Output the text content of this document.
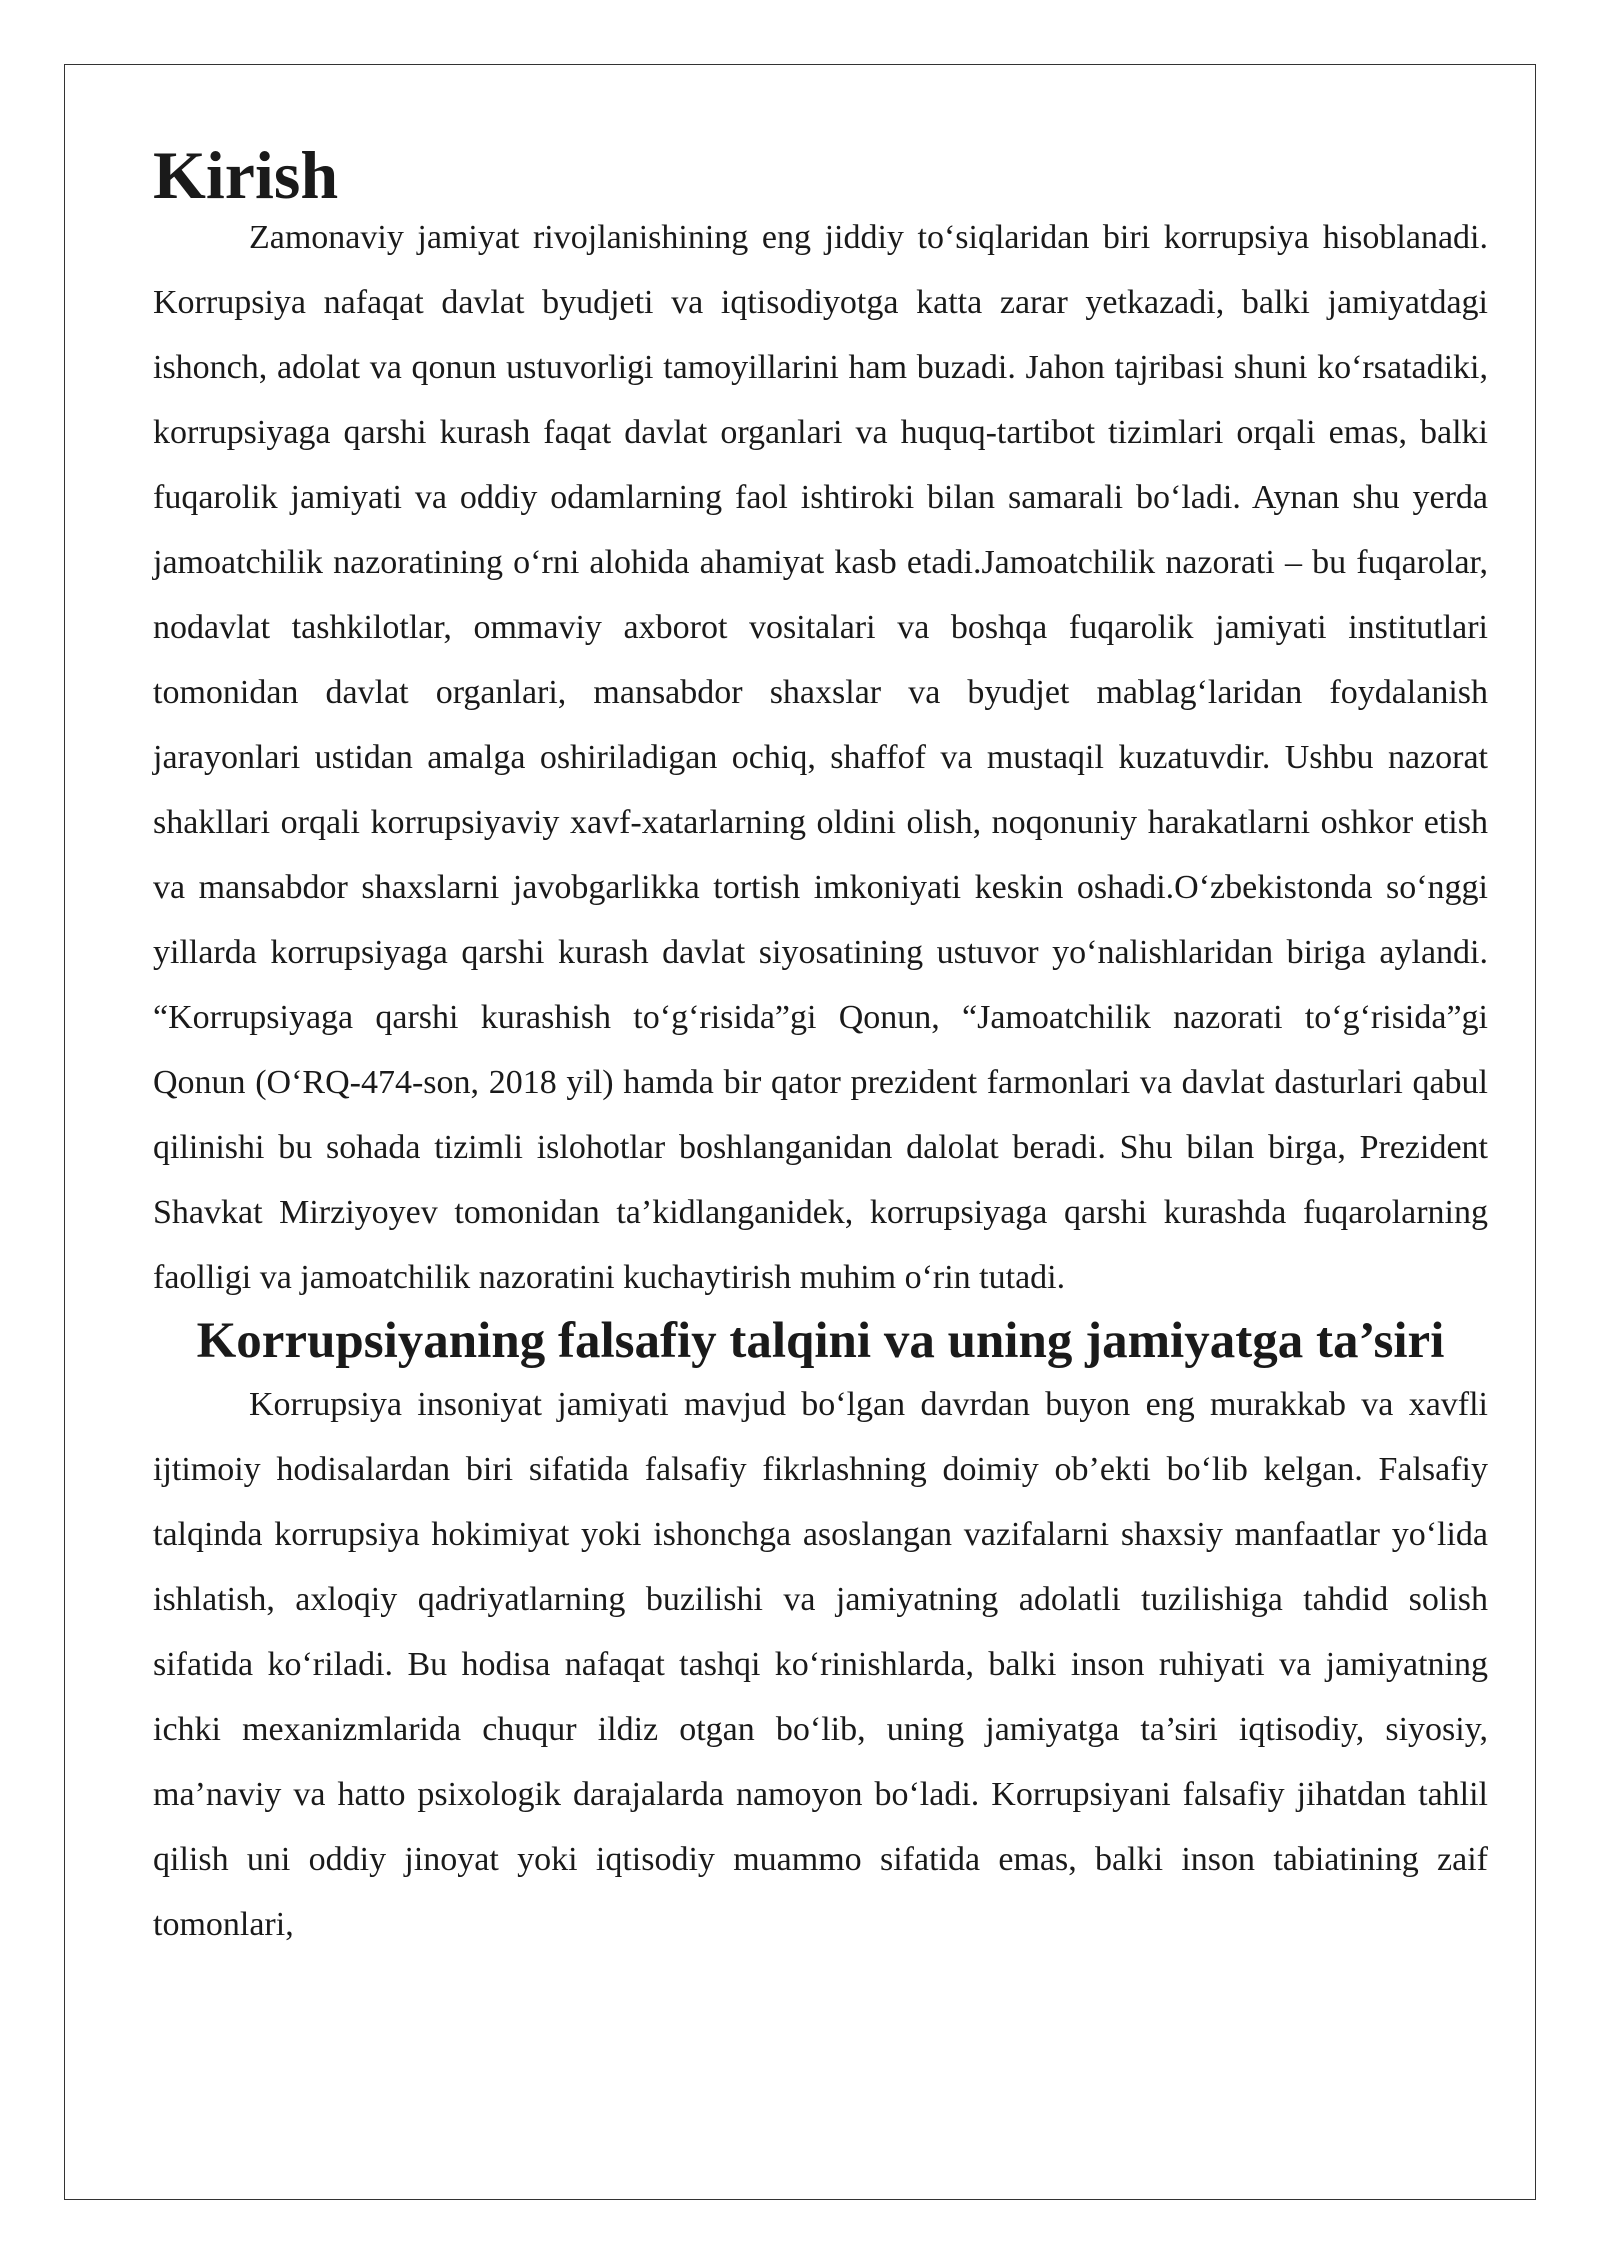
Kirish

Zamonaviy jamiyat rivojlanishining eng jiddiy to‘siqlaridan biri korrupsiya hisoblanadi. Korrupsiya nafaqat davlat byudjeti va iqtisodiyotga katta zarar yetkazadi, balki jamiyatdagi ishonch, adolat va qonun ustuvorligi tamoyillarini ham buzadi. Jahon tajribasi shuni ko‘rsatadiki, korrupsiyaga qarshi kurash faqat davlat organlari va huquq-tartibot tizimlari orqali emas, balki fuqarolik jamiyati va oddiy odamlarning faol ishtiroki bilan samarali bo‘ladi. Aynan shu yerda jamoatchilik nazoratining o‘rni alohida ahamiyat kasb etadi.Jamoatchilik nazorati – bu fuqarolar, nodavlat tashkilotlar, ommaviy axborot vositalari va boshqa fuqarolik jamiyati institutlari tomonidan davlat organlari, mansabdor shaxslar va byudjet mablag‘laridan foydalanish jarayonlari ustidan amalga oshiriladigan ochiq, shaffof va mustaqil kuzatuvdir. Ushbu nazorat shakllari orqali korrupsiyaviy xavf-xatarlarning oldini olish, noqonuniy harakatlarni oshkor etish va mansabdor shaxslarni javobgarlikka tortish imkoniyati keskin oshadi.O‘zbekistonda so‘nggi yillarda korrupsiyaga qarshi kurash davlat siyosatining ustuvor yo‘nalishlaridan biriga aylandi. “Korrupsiyaga qarshi kurashish to‘g‘risida”gi Qonun, “Jamoatchilik nazorati to‘g‘risida”gi Qonun (O‘RQ-474-son, 2018 yil) hamda bir qator prezident farmonlari va davlat dasturlari qabul qilinishi bu sohada tizimli islohotlar boshlanganidan dalolat beradi. Shu bilan birga, Prezident Shavkat Mirziyoyev tomonidan ta’kidlanganidek, korrupsiyaga qarshi kurashda fuqarolarning faolligi va jamoatchilik nazoratini kuchaytirish muhim o‘rin tutadi.

Korrupsiyaning falsafiy talqini va uning jamiyatga ta’siri

Korrupsiya insoniyat jamiyati mavjud bo‘lgan davrdan buyon eng murakkab va xavfli ijtimoiy hodisalardan biri sifatida falsafiy fikrlashning doimiy ob’ekti bo‘lib kelgan. Falsafiy talqinda korrupsiya hokimiyat yoki ishonchga asoslangan vazifalarni shaxsiy manfaatlar yo‘lida ishlatish, axloqiy qadriyatlarning buzilishi va jamiyatning adolatli tuzilishiga tahdid solish sifatida ko‘riladi. Bu hodisa nafaqat tashqi ko‘rinishlarda, balki inson ruhiyati va jamiyatning ichki mexanizmlarida chuqur ildiz otgan bo‘lib, uning jamiyatga ta’siri iqtisodiy, siyosiy, ma’naviy va hatto psixologik darajalarda namoyon bo‘ladi. Korrupsiyani falsafiy jihatdan tahlil qilish uni oddiy jinoyat yoki iqtisodiy muammo sifatida emas, balki inson tabiatining zaif tomonlari,
